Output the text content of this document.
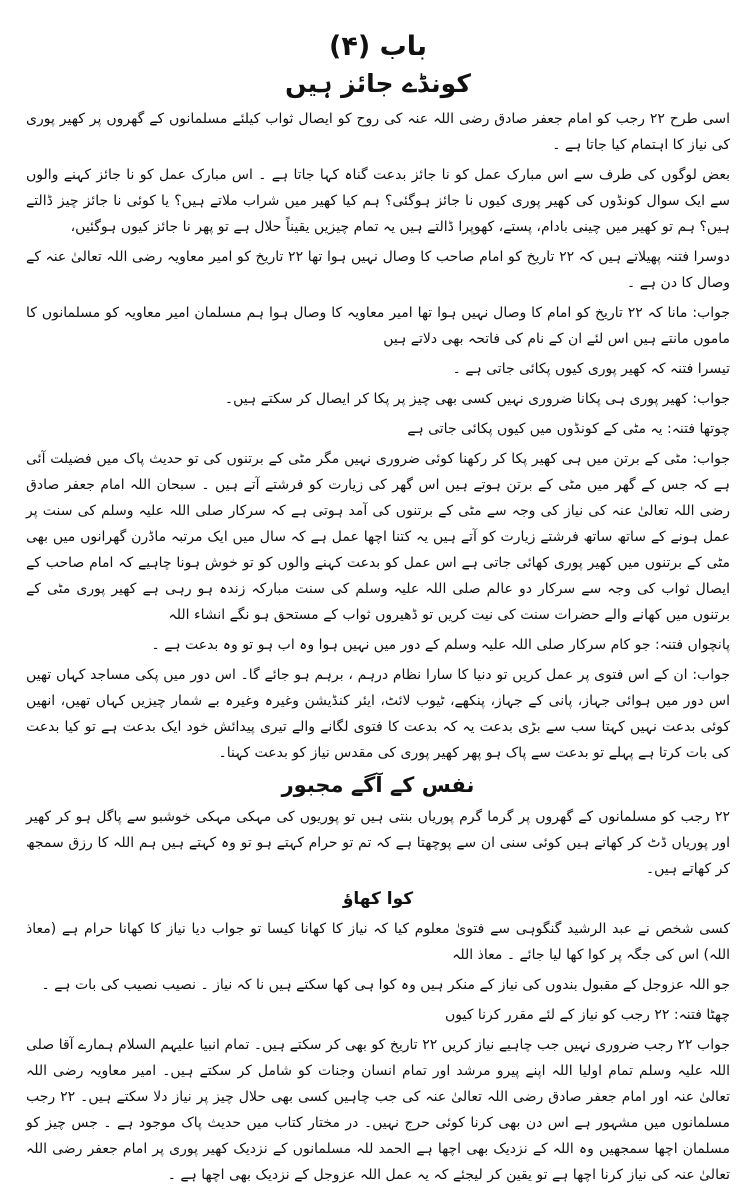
باب (۴)
کونڈے جائز ہیں

اسی طرح ۲۲ رجب کو امام جعفر صادق رضی اللہ عنہ کی روح کو ایصال ثواب کیلئے مسلمانوں کے گھروں پر کھیر پوری کی نیاز کا اہتمام کیا جاتا ہے ۔

بعض لوگوں کی طرف سے اس مبارک عمل کو نا جائز بدعت گناہ کہا جاتا ہے ۔ اس مبارک عمل کو نا جائز کہنے والوں سے ایک سوال کونڈوں کی کھیر پوری کیوں نا جائز ہوگئی؟ ہم کیا کھیر میں شراب ملاتے ہیں؟ یا کوئی نا جائز چیز ڈالتے ہیں؟ ہم تو کھیر میں چینی بادام، پستے، کھوپرا ڈالتے ہیں یہ تمام چیزیں یقیناً حلال ہے تو پھر نا جائز کیوں ہوگئیں،

دوسرا فتنہ پھیلاتے ہیں کہ ۲۲ تاریخ کو امام صاحب کا وصال نہیں ہوا تھا ۲۲ تاریخ کو امیر معاویہ رضی اللہ تعالیٰ عنہ کے وصال کا دن ہے ۔

جواب: مانا کہ ۲۲ تاریخ کو امام کا وصال نہیں ہوا تھا امیر معاویہ کا وصال ہوا ہم مسلمان امیر معاویہ کو مسلمانوں کا ماموں مانتے ہیں اس لئے ان کے نام کی فاتحہ بھی دلاتے ہیں

تیسرا فتنہ کہ کھیر پوری کیوں پکائی جاتی ہے ۔

جواب: کھیر پوری ہی پکانا ضروری نہیں کسی بھی چیز پر پکا کر ایصال کر سکتے ہیں۔

چوتھا فتنہ: یہ مٹی کے کونڈوں میں کیوں پکائی جاتی ہے

جواب: مٹی کے برتن میں ہی کھیر پکا کر رکھنا کوئی ضروری نہیں مگر مٹی کے برتنوں کی تو حدیث پاک میں فضیلت آئی ہے کہ جس کے گھر میں مٹی کے برتن ہوتے ہیں اس گھر کی زیارت کو فرشتے آتے ہیں ۔ سبحان اللہ امام جعفر صادق رضی اللہ تعالیٰ عنہ کی نیاز کی وجہ سے مٹی کے برتنوں کی آمد ہوتی ہے کہ سرکار صلی اللہ علیہ وسلم کی سنت پر عمل ہونے کے ساتھ ساتھ فرشتے زیارت کو آتے ہیں یہ کتنا اچھا عمل ہے کہ سال میں ایک مرتبہ ماڈرن گھرانوں میں بھی مٹی کے برتنوں میں کھیر پوری کھائی جاتی ہے اس عمل کو بدعت کہنے والوں کو تو خوش ہونا چاہیے کہ امام صاحب کے ایصال ثواب کی وجہ سے سرکار دو عالم صلی اللہ علیہ وسلم کی سنت مبارکہ زندہ ہو رہی ہے کھیر پوری مٹی کے برتنوں میں کھانے والے حضرات سنت کی نیت کریں تو ڈھیروں ثواب کے مستحق ہو نگے انشاء اللہ

پانچواں فتنہ: جو کام سرکار صلی اللہ علیہ وسلم کے دور میں نہیں ہوا وہ اب ہو تو وہ بدعت ہے ۔

جواب: ان کے اس فتوی پر عمل کریں تو دنیا کا سارا نظام درہم ، برہم ہو جائے گا۔ اس دور میں پکی مساجد کہاں تھیں اس دور میں ہوائی جہاز، پانی کے جہاز، پنکھے، ٹیوب لائٹ، ایئر کنڈیشن وغیرہ وغیرہ بے شمار چیزیں کہاں تھیں، انھیں کوئی بدعت نہیں کہتا سب سے بڑی بدعت یہ کہ بدعت کا فتوی لگانے والے تیری پیدائش خود ایک بدعت ہے تو کیا بدعت کی بات کرتا ہے پہلے تو بدعت سے پاک ہو پھر کھیر پوری کی مقدس نیاز کو بدعت کہنا۔

نفس کے آگے مجبور

۲۲ رجب کو مسلمانوں کے گھروں پر گرما گرم پوریاں بنتی ہیں تو پوریوں کی مہکی مہکی خوشبو سے پاگل ہو کر کھیر اور پوریاں ڈٹ کر کھاتے ہیں کوئی سنی ان سے پوچھتا ہے کہ تم تو حرام کہتے ہو تو وہ کہتے ہیں ہم اللہ کا رزق سمجھ کر کھاتے ہیں۔

کوا کھاؤ

کسی شخص نے عبد الرشید گنگوہی سے فتویٰ معلوم کیا کہ نیاز کا کھانا کیسا تو جواب دیا نیاز کا کھانا حرام ہے (معاذ اللہ) اس کی جگہ پر کوا کھا لیا جائے ۔ معاذ اللہ

جو اللہ عزوجل کے مقبول بندوں کی نیاز کے منکر ہیں وہ کوا ہی کھا سکتے ہیں نا کہ نیاز ۔ نصیب نصیب کی بات ہے ۔

چھٹا فتنہ: ۲۲ رجب کو نیاز کے لئے مقرر کرنا کیوں

جواب ۲۲ رجب ضروری نہیں جب چاہیے نیاز کریں ۲۲ تاریخ کو بھی کر سکتے ہیں۔ تمام انبیا علیہم السلام ہمارے آقا صلی اللہ علیہ وسلم تمام اولیا اللہ اپنے پیرو مرشد اور تمام انسان وجنات کو شامل کر سکتے ہیں۔ امیر معاویہ رضی اللہ تعالیٰ عنہ اور امام جعفر صادق رضی اللہ تعالیٰ عنہ کی جب چاہیں کسی بھی حلال چیز پر نیاز دلا سکتے ہیں۔ ۲۲ رجب مسلمانوں میں مشہور ہے اس دن بھی کرنا کوئی حرج نہیں۔ در مختار کتاب میں حدیث پاک موجود ہے ۔ جس چیز کو مسلمان اچھا سمجھیں وہ اللہ کے نزدیک بھی اچھا ہے الحمد للہ مسلمانوں کے نزدیک کھیر پوری پر امام جعفر رضی اللہ تعالیٰ عنہ کی نیاز کرنا اچھا ہے تو یقین کر لیجئے کہ یہ عمل اللہ عزوجل کے نزدیک بھی اچھا ہے ۔
